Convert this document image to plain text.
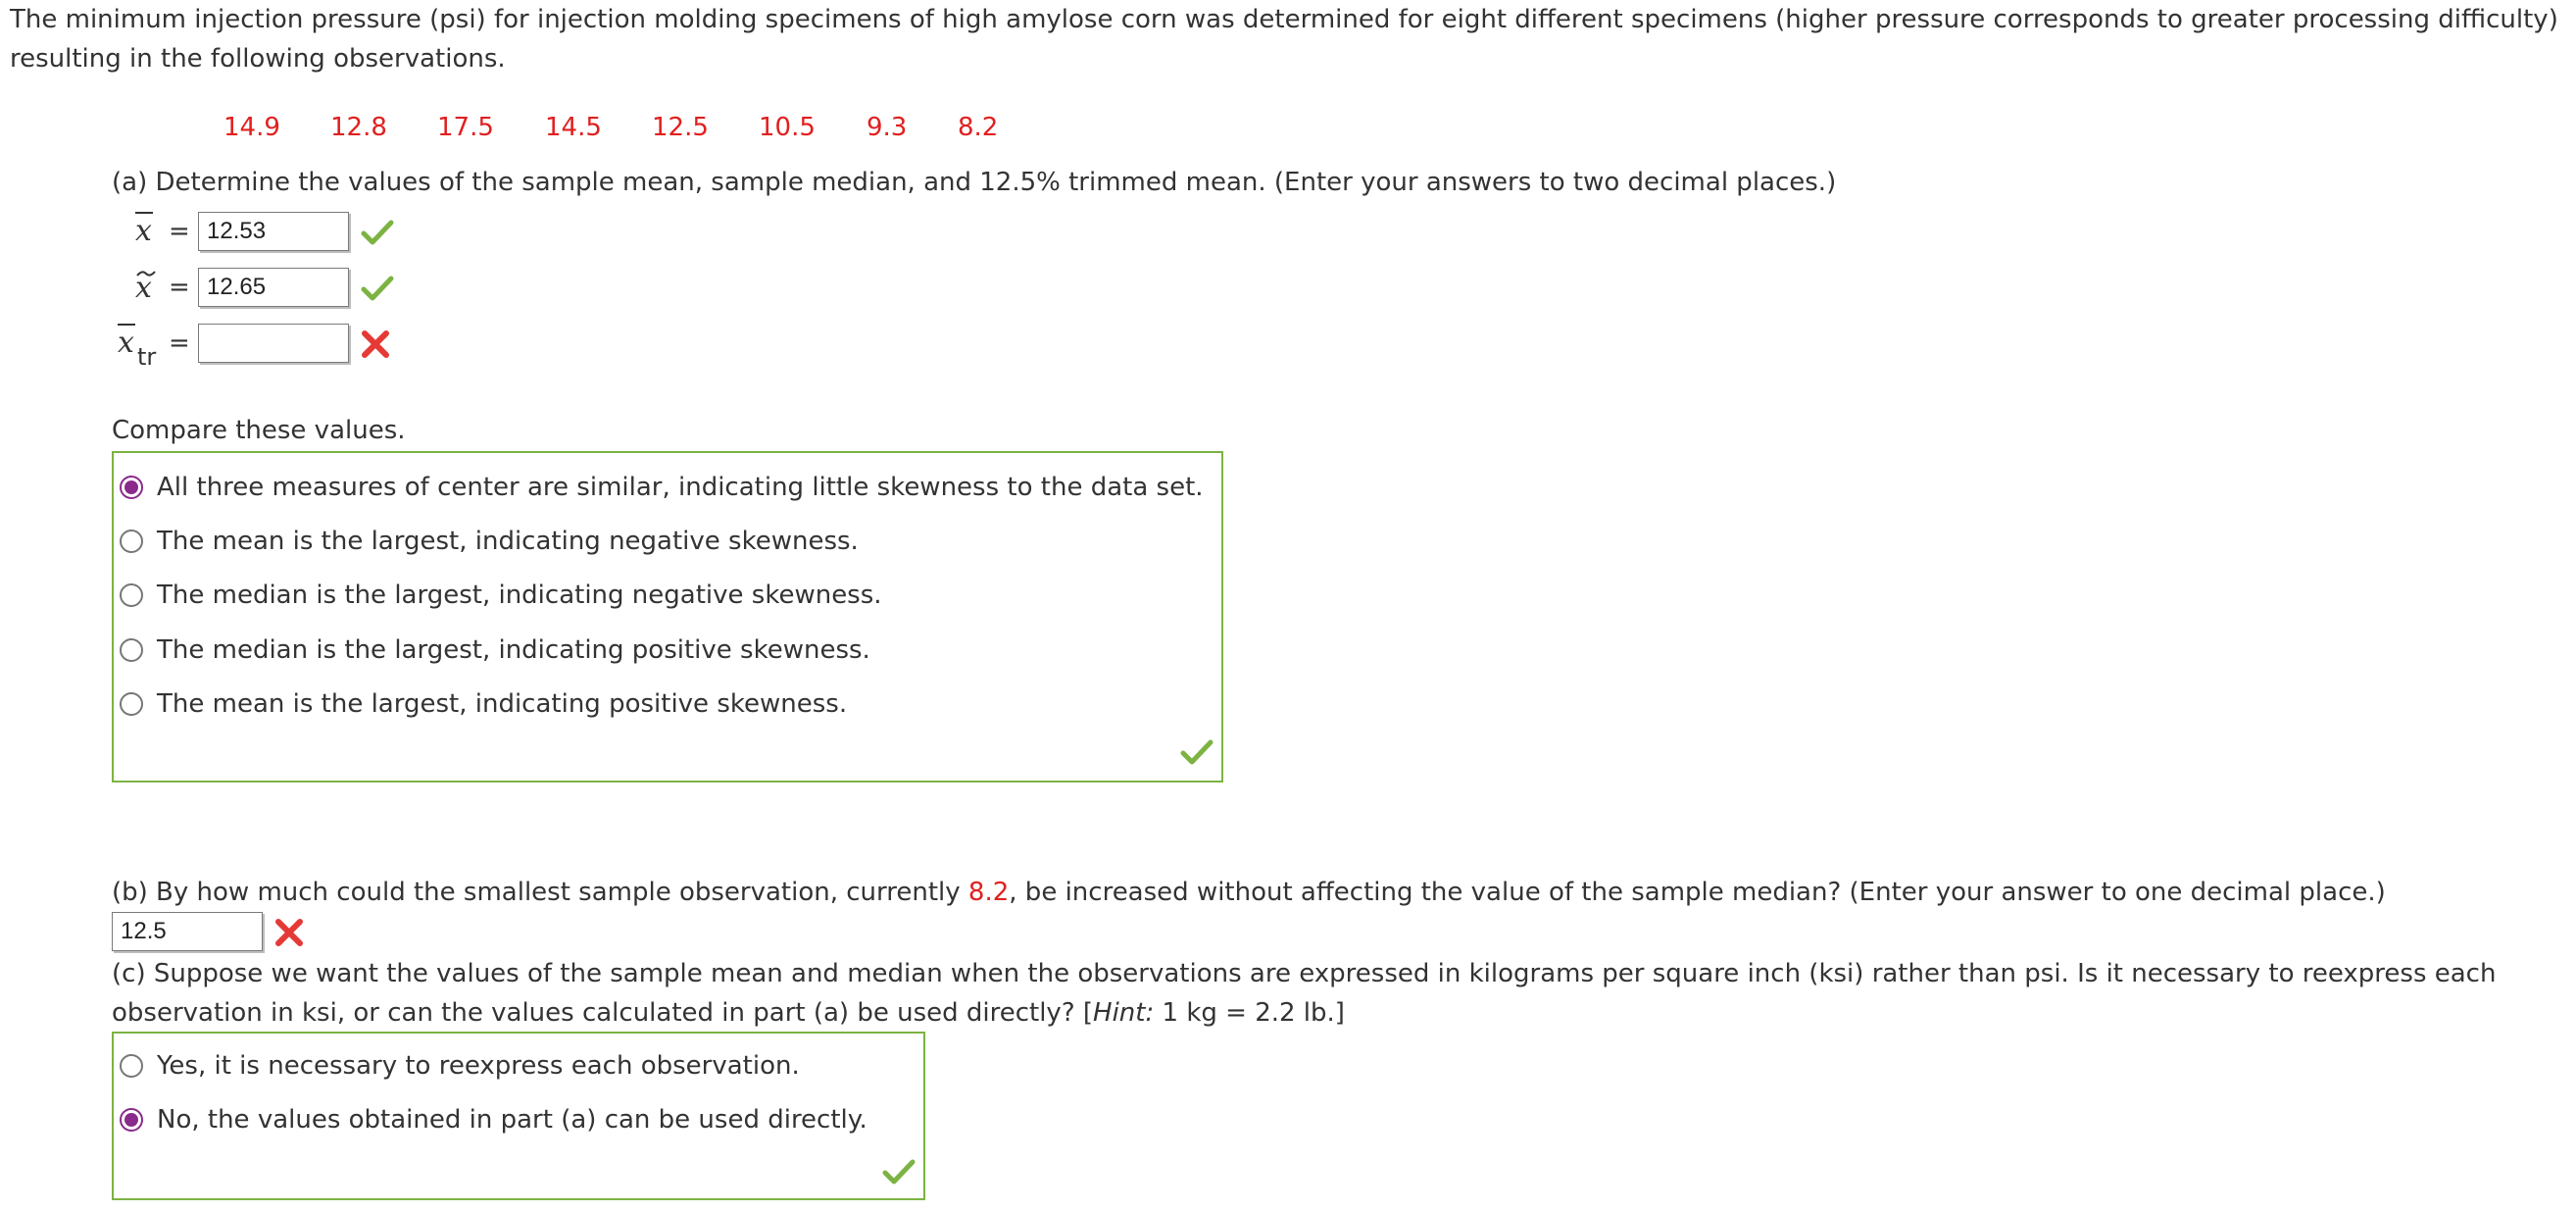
The minimum injection pressure (psi) for injection molding specimens of high amylose corn was determined for eight different specimens (higher pressure corresponds to greater processing difficulty) resulting in the following observations.
14.9 12.8 17.5 14.5 12.5 10.5 9.3 8.2
(a) Determine the values of the sample mean, sample median, and 12.5% trimmed mean. (Enter your answers to two decimal places.)
x = 12.53
x = 12.65
x tr =
Compare these values.
All three measures of center are similar, indicating little skewness to the data set.
The mean is the largest, indicating negative skewness.
The median is the largest, indicating negative skewness.
The median is the largest, indicating positive skewness.
The mean is the largest, indicating positive skewness.
(b) By how much could the smallest sample observation, currently 8.2, be increased without affecting the value of the sample median? (Enter your answer to one decimal place.)
12.5
(c) Suppose we want the values of the sample mean and median when the observations are expressed in kilograms per square inch (ksi) rather than psi. Is it necessary to reexpress each observation in ksi, or can the values calculated in part (a) be used directly? [Hint: 1 kg = 2.2 lb.]
Yes, it is necessary to reexpress each observation.
No, the values obtained in part (a) can be used directly.
